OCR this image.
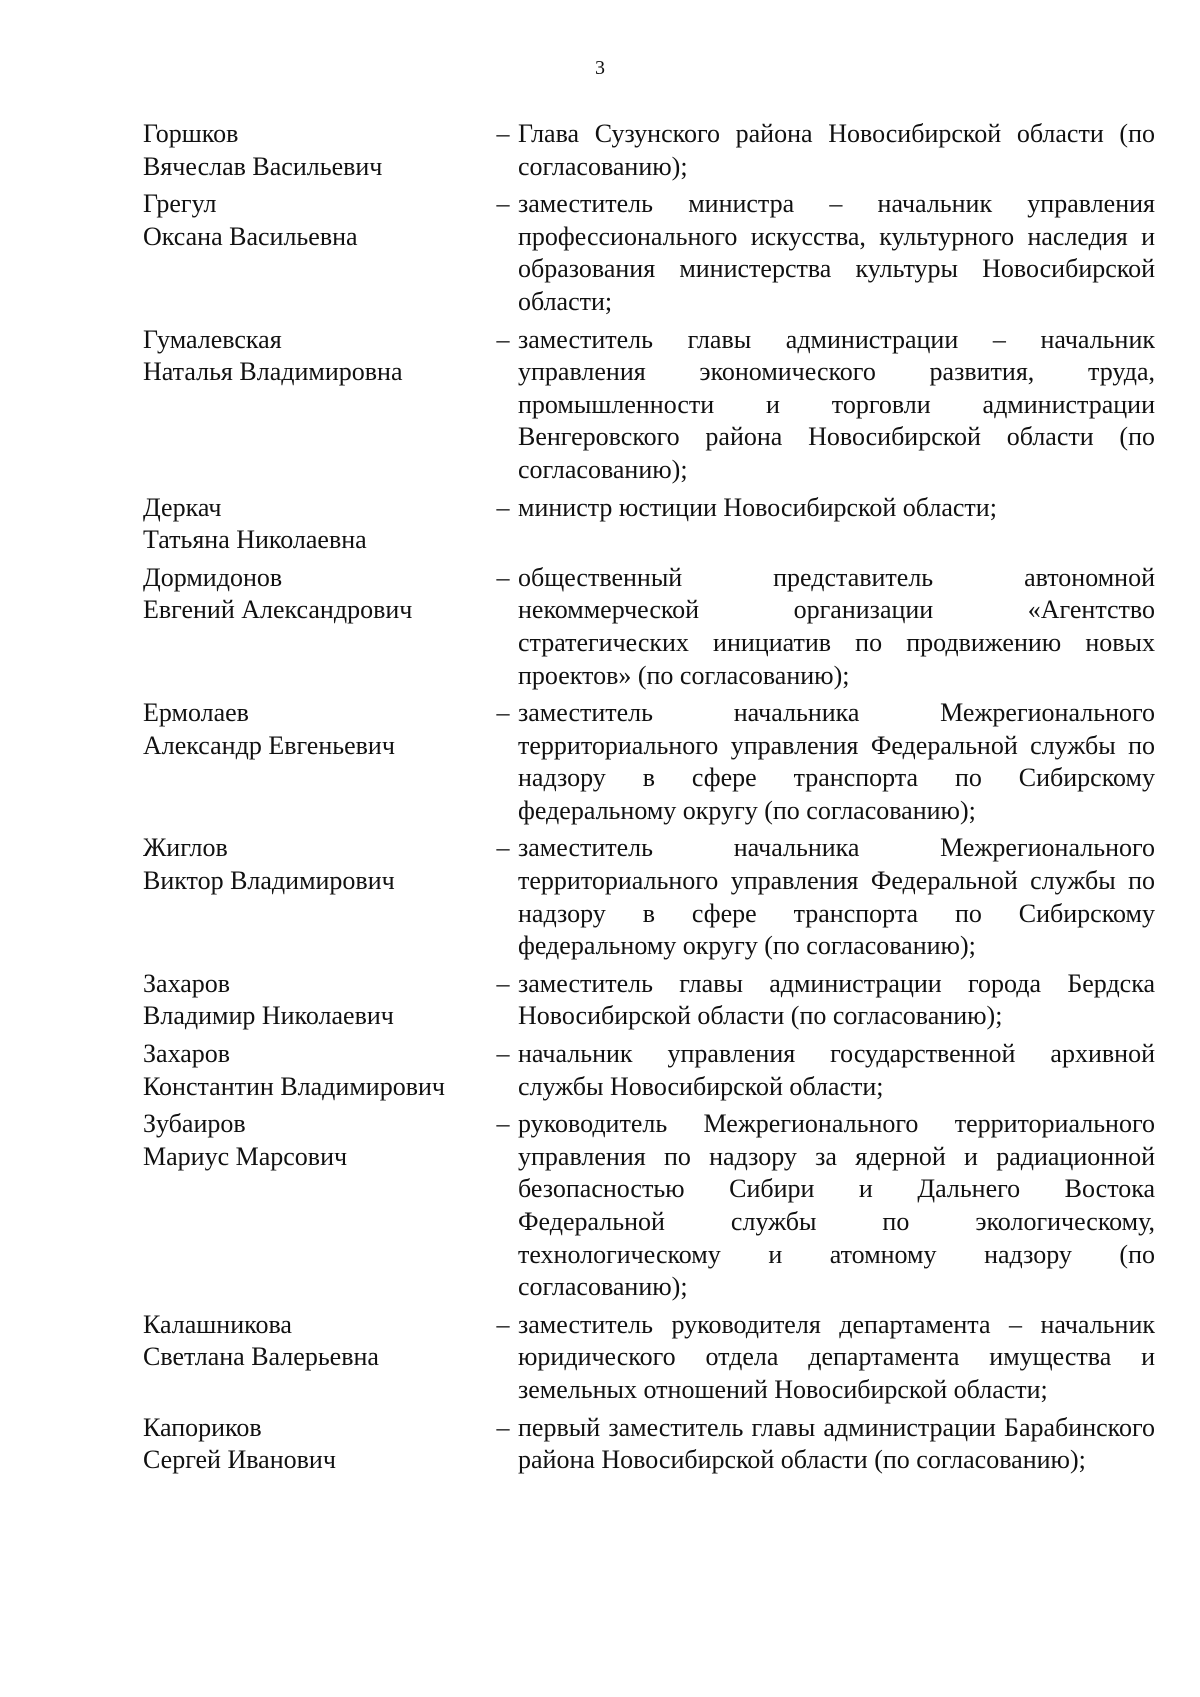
3
Горшков
Вячеслав Васильевич
– Глава Сузунского района Новосибирской области (по согласованию);
Грегул
Оксана Васильевна
– заместитель министра – начальник управления профессионального искусства, культурного наследия и образования министерства культуры Новосибирской области;
Гумалевская
Наталья Владимировна
– заместитель главы администрации – начальник управления экономического развития, труда, промышленности и торговли администрации Венгеровского района Новосибирской области (по согласованию);
Деркач
Татьяна Николаевна
– министр юстиции Новосибирской области;
Дормидонов
Евгений Александрович
– общественный представитель автономной некоммерческой организации «Агентство стратегических инициатив по продвижению новых проектов» (по согласованию);
Ермолаев
Александр Евгеньевич
– заместитель начальника Межрегионального территориального управления Федеральной службы по надзору в сфере транспорта по Сибирскому федеральному округу (по согласованию);
Жиглов
Виктор Владимирович
– заместитель начальника Межрегионального территориального управления Федеральной службы по надзору в сфере транспорта по Сибирскому федеральному округу (по согласованию);
Захаров
Владимир Николаевич
– заместитель главы администрации города Бердска Новосибирской области (по согласованию);
Захаров
Константин Владимирович
– начальник управления государственной архивной службы Новосибирской области;
Зубаиров
Мариус Марсович
– руководитель Межрегионального территориального управления по надзору за ядерной и радиационной безопасностью Сибири и Дальнего Востока Федеральной службы по экологическому, технологическому и атомному надзору (по согласованию);
Калашникова
Светлана Валерьевна
– заместитель руководителя департамента – начальник юридического отдела департамента имущества и земельных отношений Новосибирской области;
Капориков
Сергей Иванович
– первый заместитель главы администрации Барабинского района Новосибирской области (по согласованию);
